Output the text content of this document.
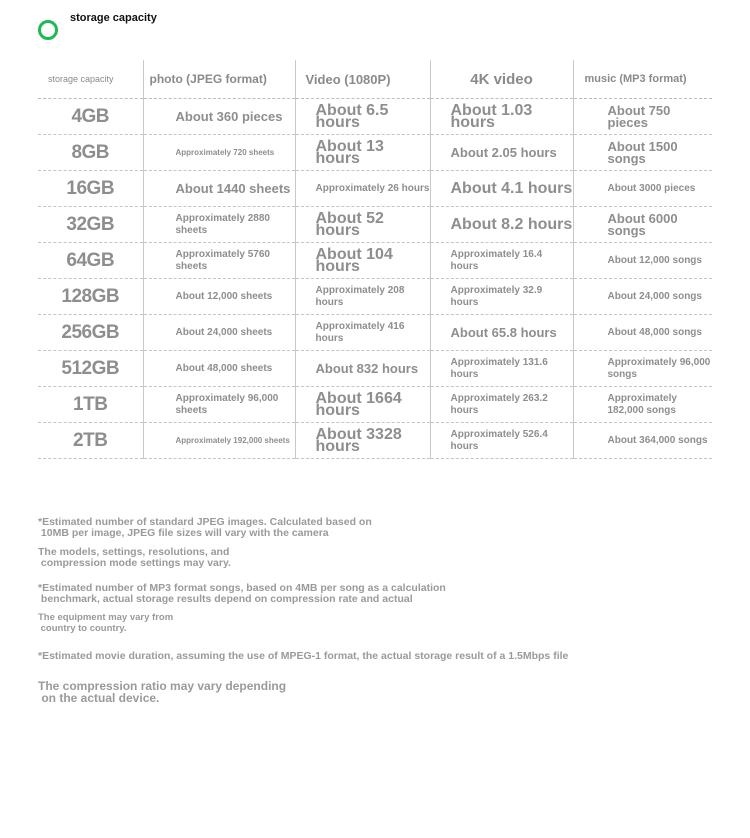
storage capacity
storage capacity	photo (JPEG format)	Video (1080P)	4K video	music (MP3 format)
4GB	About 360 pieces	About 6.5 hours	About 1.03 hours	About 750 pieces
8GB	Approximately 720 sheets	About 13 hours	About 2.05 hours	About 1500 songs
16GB	About 1440 sheets	Approximately 26 hours	About 4.1 hours	About 3000 pieces
32GB	Approximately 2880 sheets	About 52 hours	About 8.2 hours	About 6000 songs
64GB	Approximately 5760 sheets	About 104 hours	Approximately 16.4 hours	About 12,000 songs
128GB	About 12,000 sheets	Approximately 208 hours	Approximately 32.9 hours	About 24,000 songs
256GB	About 24,000 sheets	Approximately 416 hours	About 65.8 hours	About 48,000 songs
512GB	About 48,000 sheets	About 832 hours	Approximately 131.6 hours	Approximately 96,000 songs
1TB	Approximately 96,000 sheets	About 1664 hours	Approximately 263.2 hours	Approximately 182,000 songs
2TB	Approximately 192,000 sheets	About 3328 hours	Approximately 526.4 hours	About 364,000 songs
*Estimated number of standard JPEG images. Calculated based on
10MB per image, JPEG file sizes will vary with the camera
The models, settings, resolutions, and
compression mode settings may vary.
*Estimated number of MP3 format songs, based on 4MB per song as a calculation
benchmark, actual storage results depend on compression rate and actual
The equipment may vary from
country to country.
*Estimated movie duration, assuming the use of MPEG-1 format, the actual storage result of a 1.5Mbps file
The compression ratio may vary depending
on the actual device.
